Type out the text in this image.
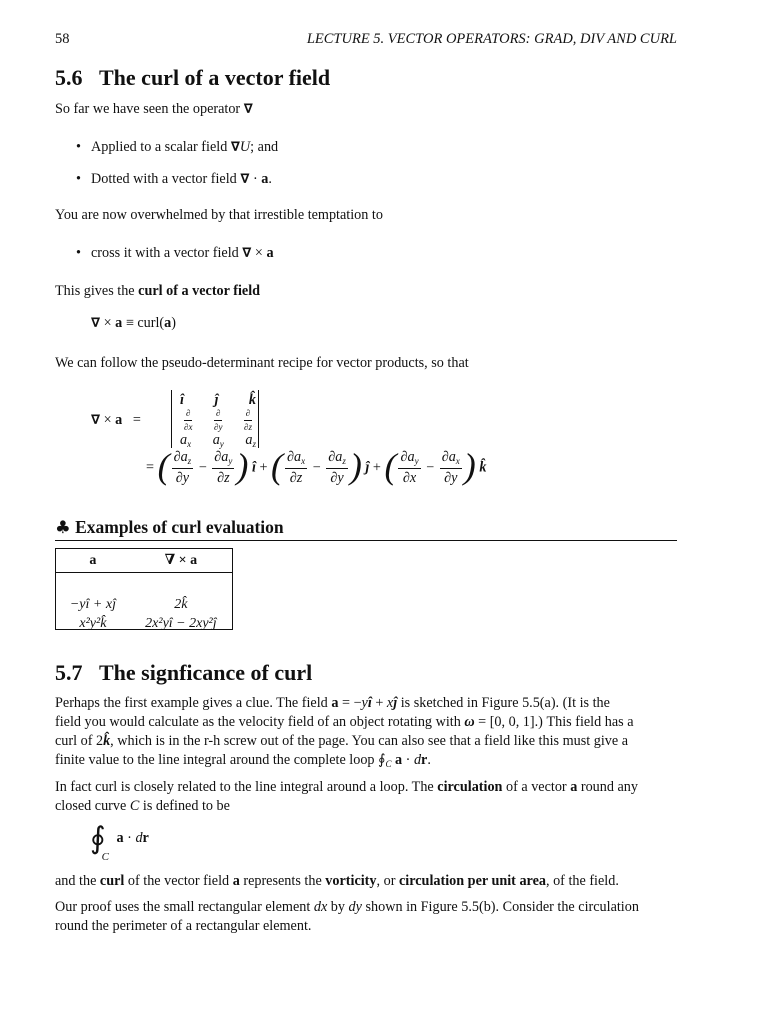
58	LECTURE 5. VECTOR OPERATORS: GRAD, DIV AND CURL
5.6 The curl of a vector field
So far we have seen the operator ∇
• Applied to a scalar field ∇U; and
• Dotted with a vector field ∇ · a.
You are now overwhelmed by that irrestible temptation to
• cross it with a vector field ∇ × a
This gives the curl of a vector field
∇ × a ≡ curl(a)
We can follow the pseudo-determinant recipe for vector products, so that
∇ × a   =
î ĵ k̂
$\frac{\partial}{\partial x} \frac{\partial}{\partial y} \frac{\partial}{\partial z}$
$a_x$ $a_y$ $a_z$
= ( $\frac{\partial a_z}{\partial y} - \frac{\partial a_y}{\partial z}$ ) î + ( $\frac{\partial a_x}{\partial z} - \frac{\partial a_z}{\partial y}$ ) ĵ + ( $\frac{\partial a_y}{\partial x} - \frac{\partial a_x}{\partial y}$ ) k̂
♣ Examples of curl evaluation
a	∇ × a

−yî + xĵ	2k̂
x²y²k̂	2x²yî − 2xy²ĵ
5.7 The signficance of curl
Perhaps the first example gives a clue. The field a = −yî + xĵ is sketched in Figure 5.5(a). (It is the
field you would calculate as the velocity field of an object rotating with ω = [0, 0, 1].) This field has a
curl of 2k̂, which is in the r-h screw out of the page. You can also see that a field like this must give a
finite value to the line integral around the complete loop $∮_C$ a · dr.
In fact curl is closely related to the line integral around a loop. The circulation of a vector a round any
closed curve C is defined to be
$∮_C$ a · dr
and the curl of the vector field a represents the vorticity, or circulation per unit area, of the field.
Our proof uses the small rectangular element dx by dy shown in Figure 5.5(b). Consider the circulation
round the perimeter of a rectangular element.
